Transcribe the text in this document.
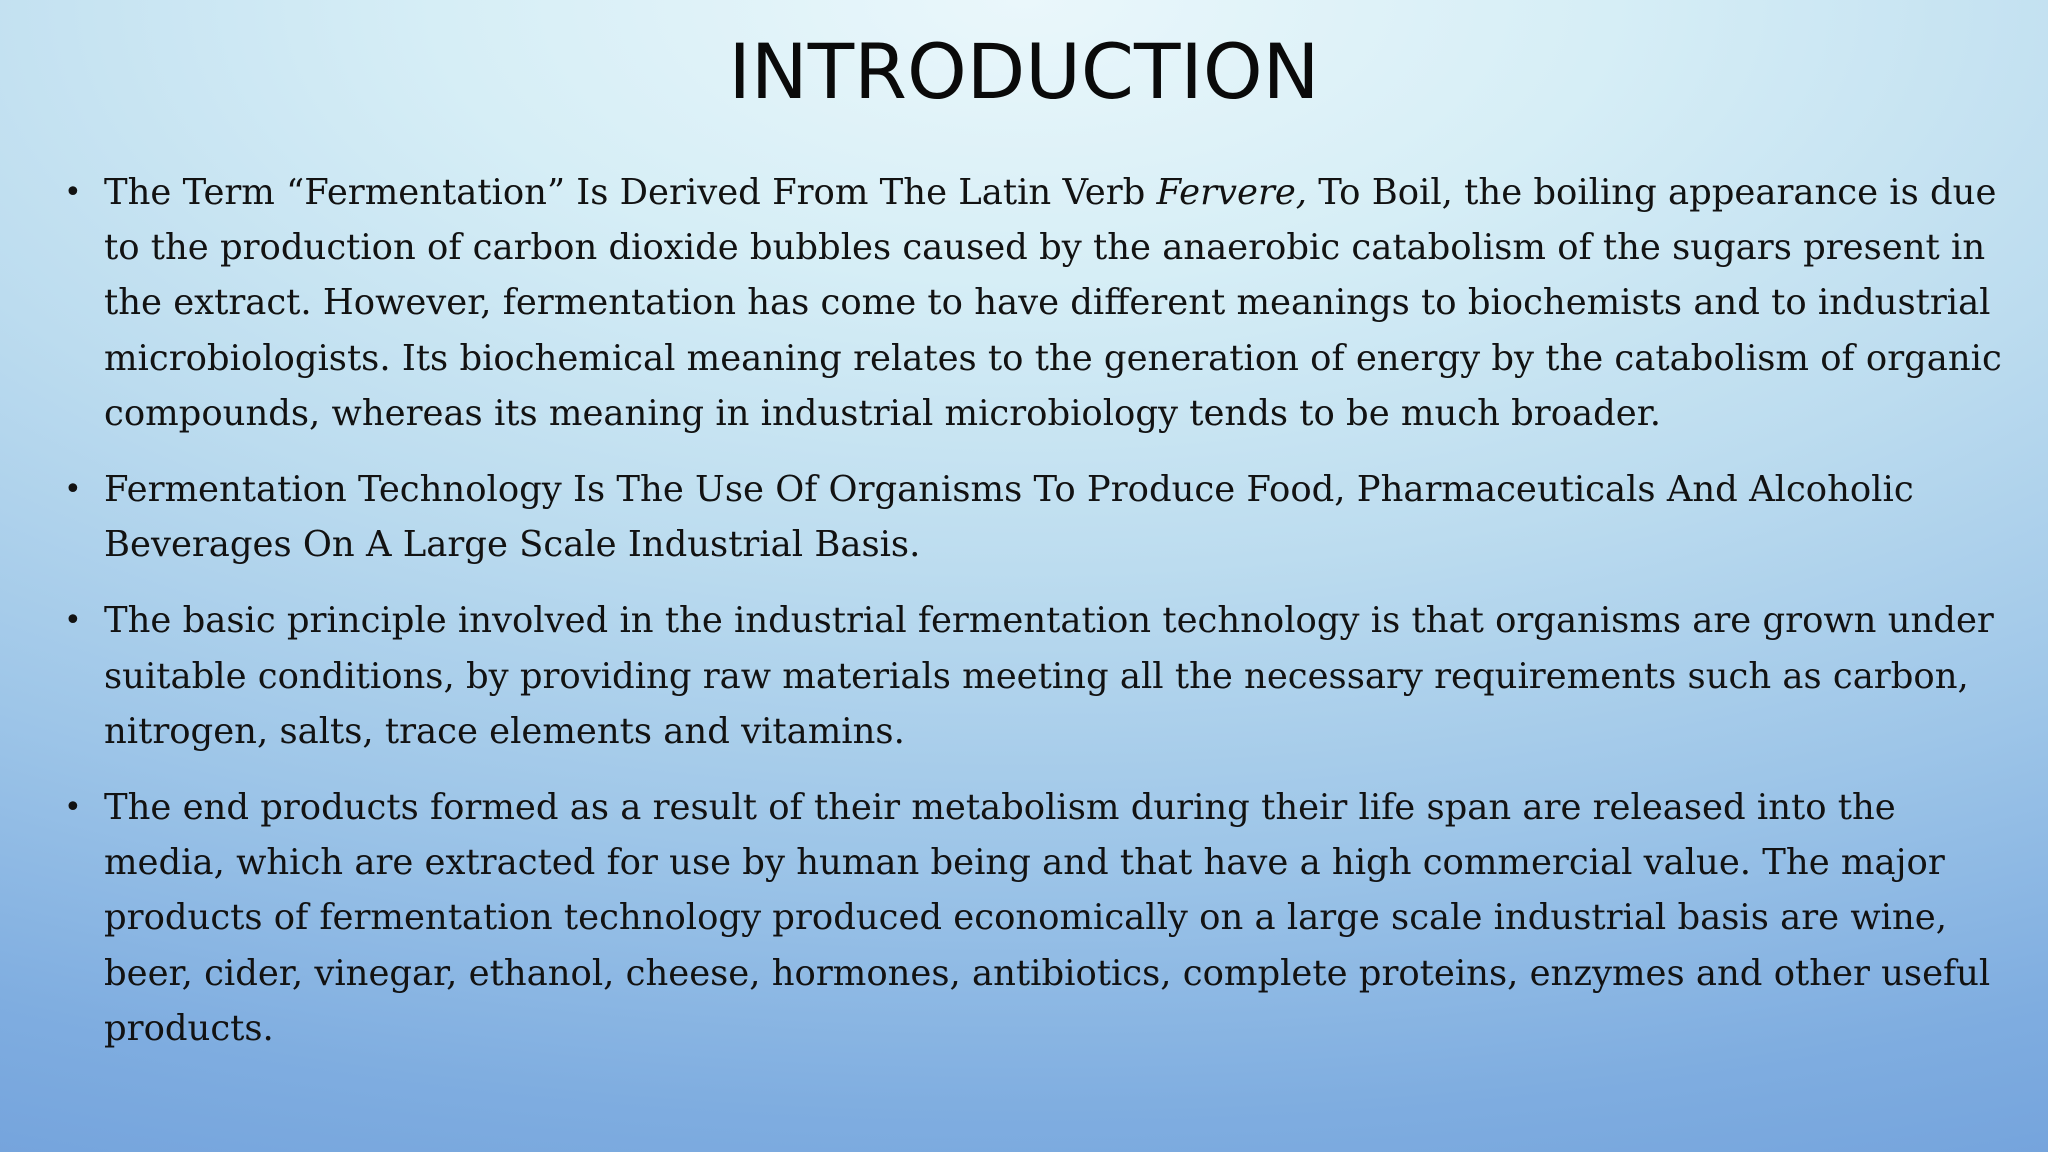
INTRODUCTION
• The Term “Fermentation” Is Derived From The Latin Verb Fervere, To Boil, the boiling appearance is due to the production of carbon dioxide bubbles caused by the anaerobic catabolism of the sugars present in the extract. However, fermentation has come to have different meanings to biochemists and to industrial microbiologists. Its biochemical meaning relates to the generation of energy by the catabolism of organic compounds, whereas its meaning in industrial microbiology tends to be much broader.
• Fermentation Technology Is The Use Of Organisms To Produce Food, Pharmaceuticals And Alcoholic Beverages On A Large Scale Industrial Basis.
• The basic principle involved in the industrial fermentation technology is that organisms are grown under suitable conditions, by providing raw materials meeting all the necessary requirements such as carbon, nitrogen, salts, trace elements and vitamins.
• The end products formed as a result of their metabolism during their life span are released into the media, which are extracted for use by human being and that have a high commercial value. The major products of fermentation technology produced economically on a large scale industrial basis are wine, beer, cider, vinegar, ethanol, cheese, hormones, antibiotics, complete proteins, enzymes and other useful products.
